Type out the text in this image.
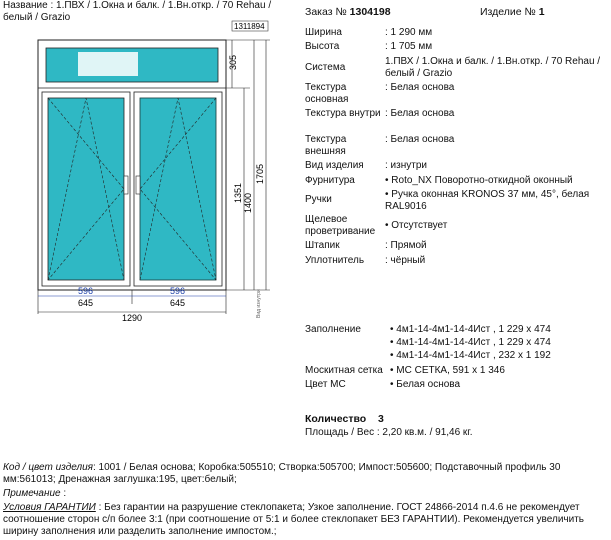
Название : 1.ПВХ / 1.Окна и балк. / 1.Вн.откр. / 70 Rehau / белый / Grazio	Заказ № 1304198	Изделие № 1
1311894
305
1351 1400
1705
596	596
645	645
1290	Вид изнутри
Ширина	: 1 290 мм
Высота	: 1 705 мм
Система
1.ПВХ / 1.Окна и балк. / 1.Вн.откр. / 70 Rehau / белый / Grazio
Текстура основная
: Белая основа
Текстура внутри : Белая основа
Текстура внешняя
: Белая основа
Вид изделия	: изнутри
Фурнитура	• Roto_NX Поворотно-откидной оконный
Ручки	• Ручка оконная KRONOS 37 мм, 45°, белая RAL9016
Щелевое проветривание • Отсутствует
Штапик	: Прямой
Уплотнитель	: чёрный
Заполнение	• 4м1-14-4м1-14-4Ист , 1 229 x 474
• 4м1-14-4м1-14-4Ист , 1 229 x 474
• 4м1-14-4м1-14-4Ист , 232 x 1 192
Москитная сетка • МС СЕТКА, 591 x 1 346
Цвет МС	• Белая основа
Количество 3
Площадь / Вес : 2,20 кв.м. / 91,46 кг.
Код / цвет изделия: 1001 / Белая основа; Коробка:505510; Створка:505700; Импост:505600; Подставочный профиль 30 мм:561013; Дренажная заглушка:195, цвет:белый;
Примечание :
Условия ГАРАНТИИ : Без гарантии на разрушение стеклопакета; Узкое заполнение. ГОСТ 24866-2014 п.4.6 не рекомендует соотношение сторон с/п более 3:1 (при соотношение от 5:1 и более стеклопакет БЕЗ ГАРАНТИИ). Рекомендуется увеличить ширину заполнения или разделить заполнение импостом.;
